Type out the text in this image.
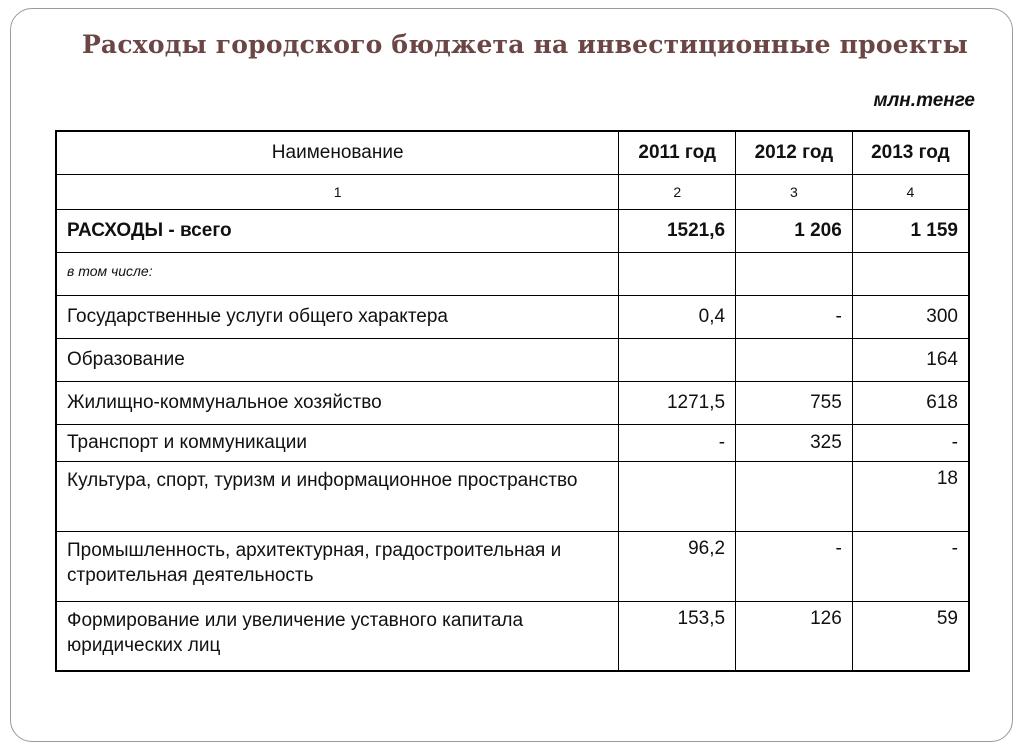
Расходы городского бюджета на инвестиционные проекты
млн.тенге
Наименование	2011 год	2012 год	2013 год
1	2	3	4
РАСХОДЫ - всего	1521,6	1 206	1 159
в том числе:			
Государственные услуги общего характера	0,4	-	300
Образование			164
Жилищно-коммунальное хозяйство	1271,5	755	618
Транспорт и коммуникации	-	325	-
Культура, спорт, туризм и информационное пространство			18
Промышленность, архитектурная, градостроительная и строительная деятельность	96,2	-	-
Формирование или увеличение уставного капитала юридических лиц	153,5	126	59
